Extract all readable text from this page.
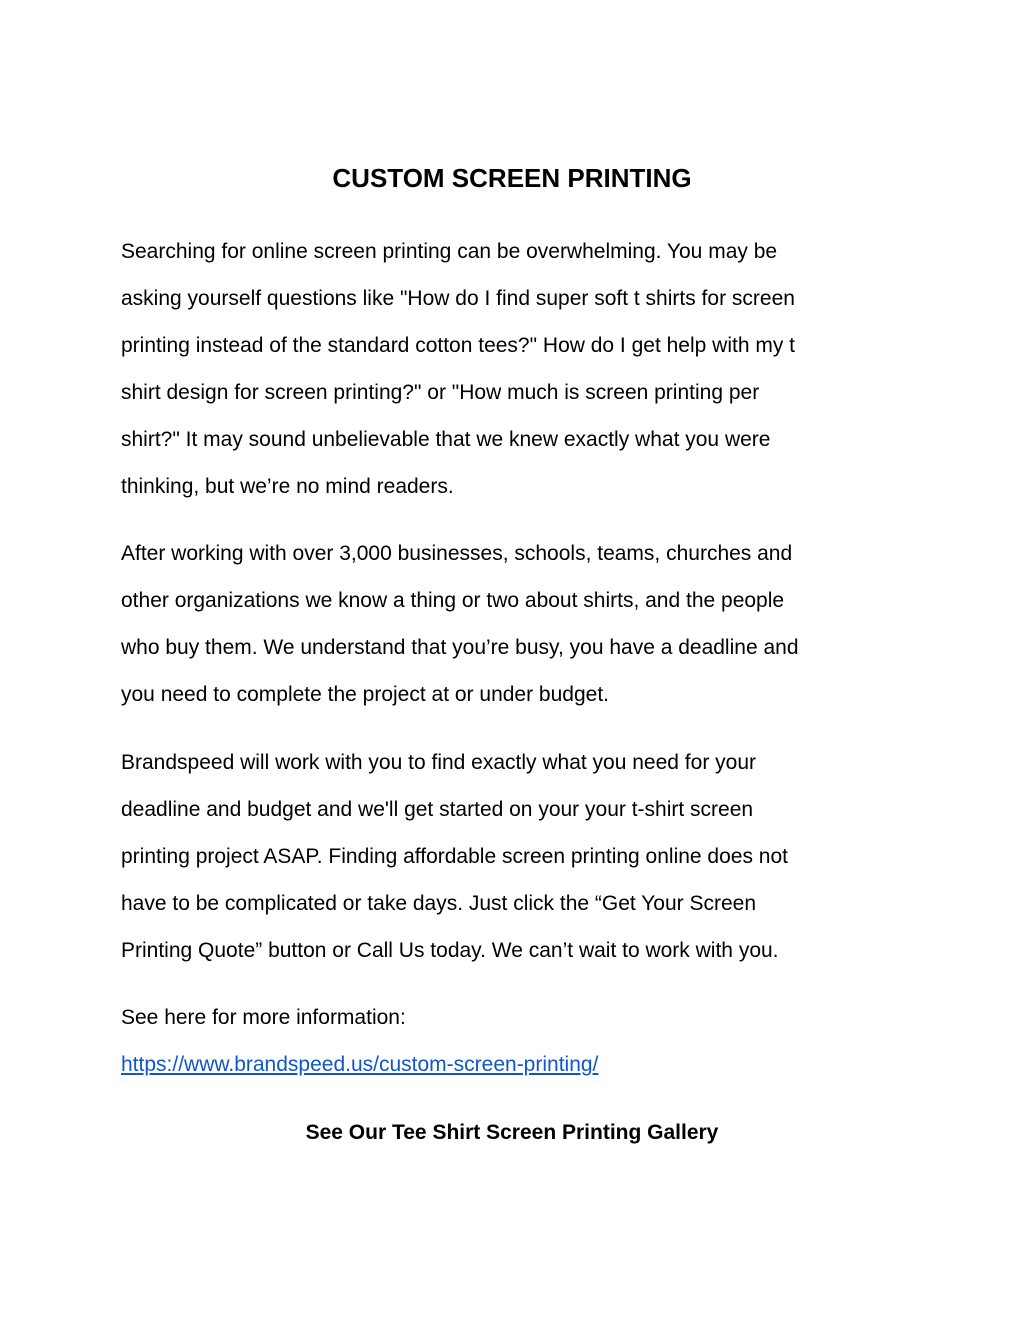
CUSTOM SCREEN PRINTING

Searching for online screen printing can be overwhelming. You may be
asking yourself questions like "How do I find super soft t shirts for screen
printing instead of the standard cotton tees?" How do I get help with my t
shirt design for screen printing?" or "How much is screen printing per
shirt?" It may sound unbelievable that we knew exactly what you were
thinking, but we’re no mind readers.

After working with over 3,000 businesses, schools, teams, churches and
other organizations we know a thing or two about shirts, and the people
who buy them. We understand that you’re busy, you have a deadline and
you need to complete the project at or under budget.

Brandspeed will work with you to find exactly what you need for your
deadline and budget and we'll get started on your your t-shirt screen
printing project ASAP. Finding affordable screen printing online does not
have to be complicated or take days. Just click the “Get Your Screen
Printing Quote” button or Call Us today. We can’t wait to work with you.

See here for more information:
https://www.brandspeed.us/custom-screen-printing/

See Our Tee Shirt Screen Printing Gallery
